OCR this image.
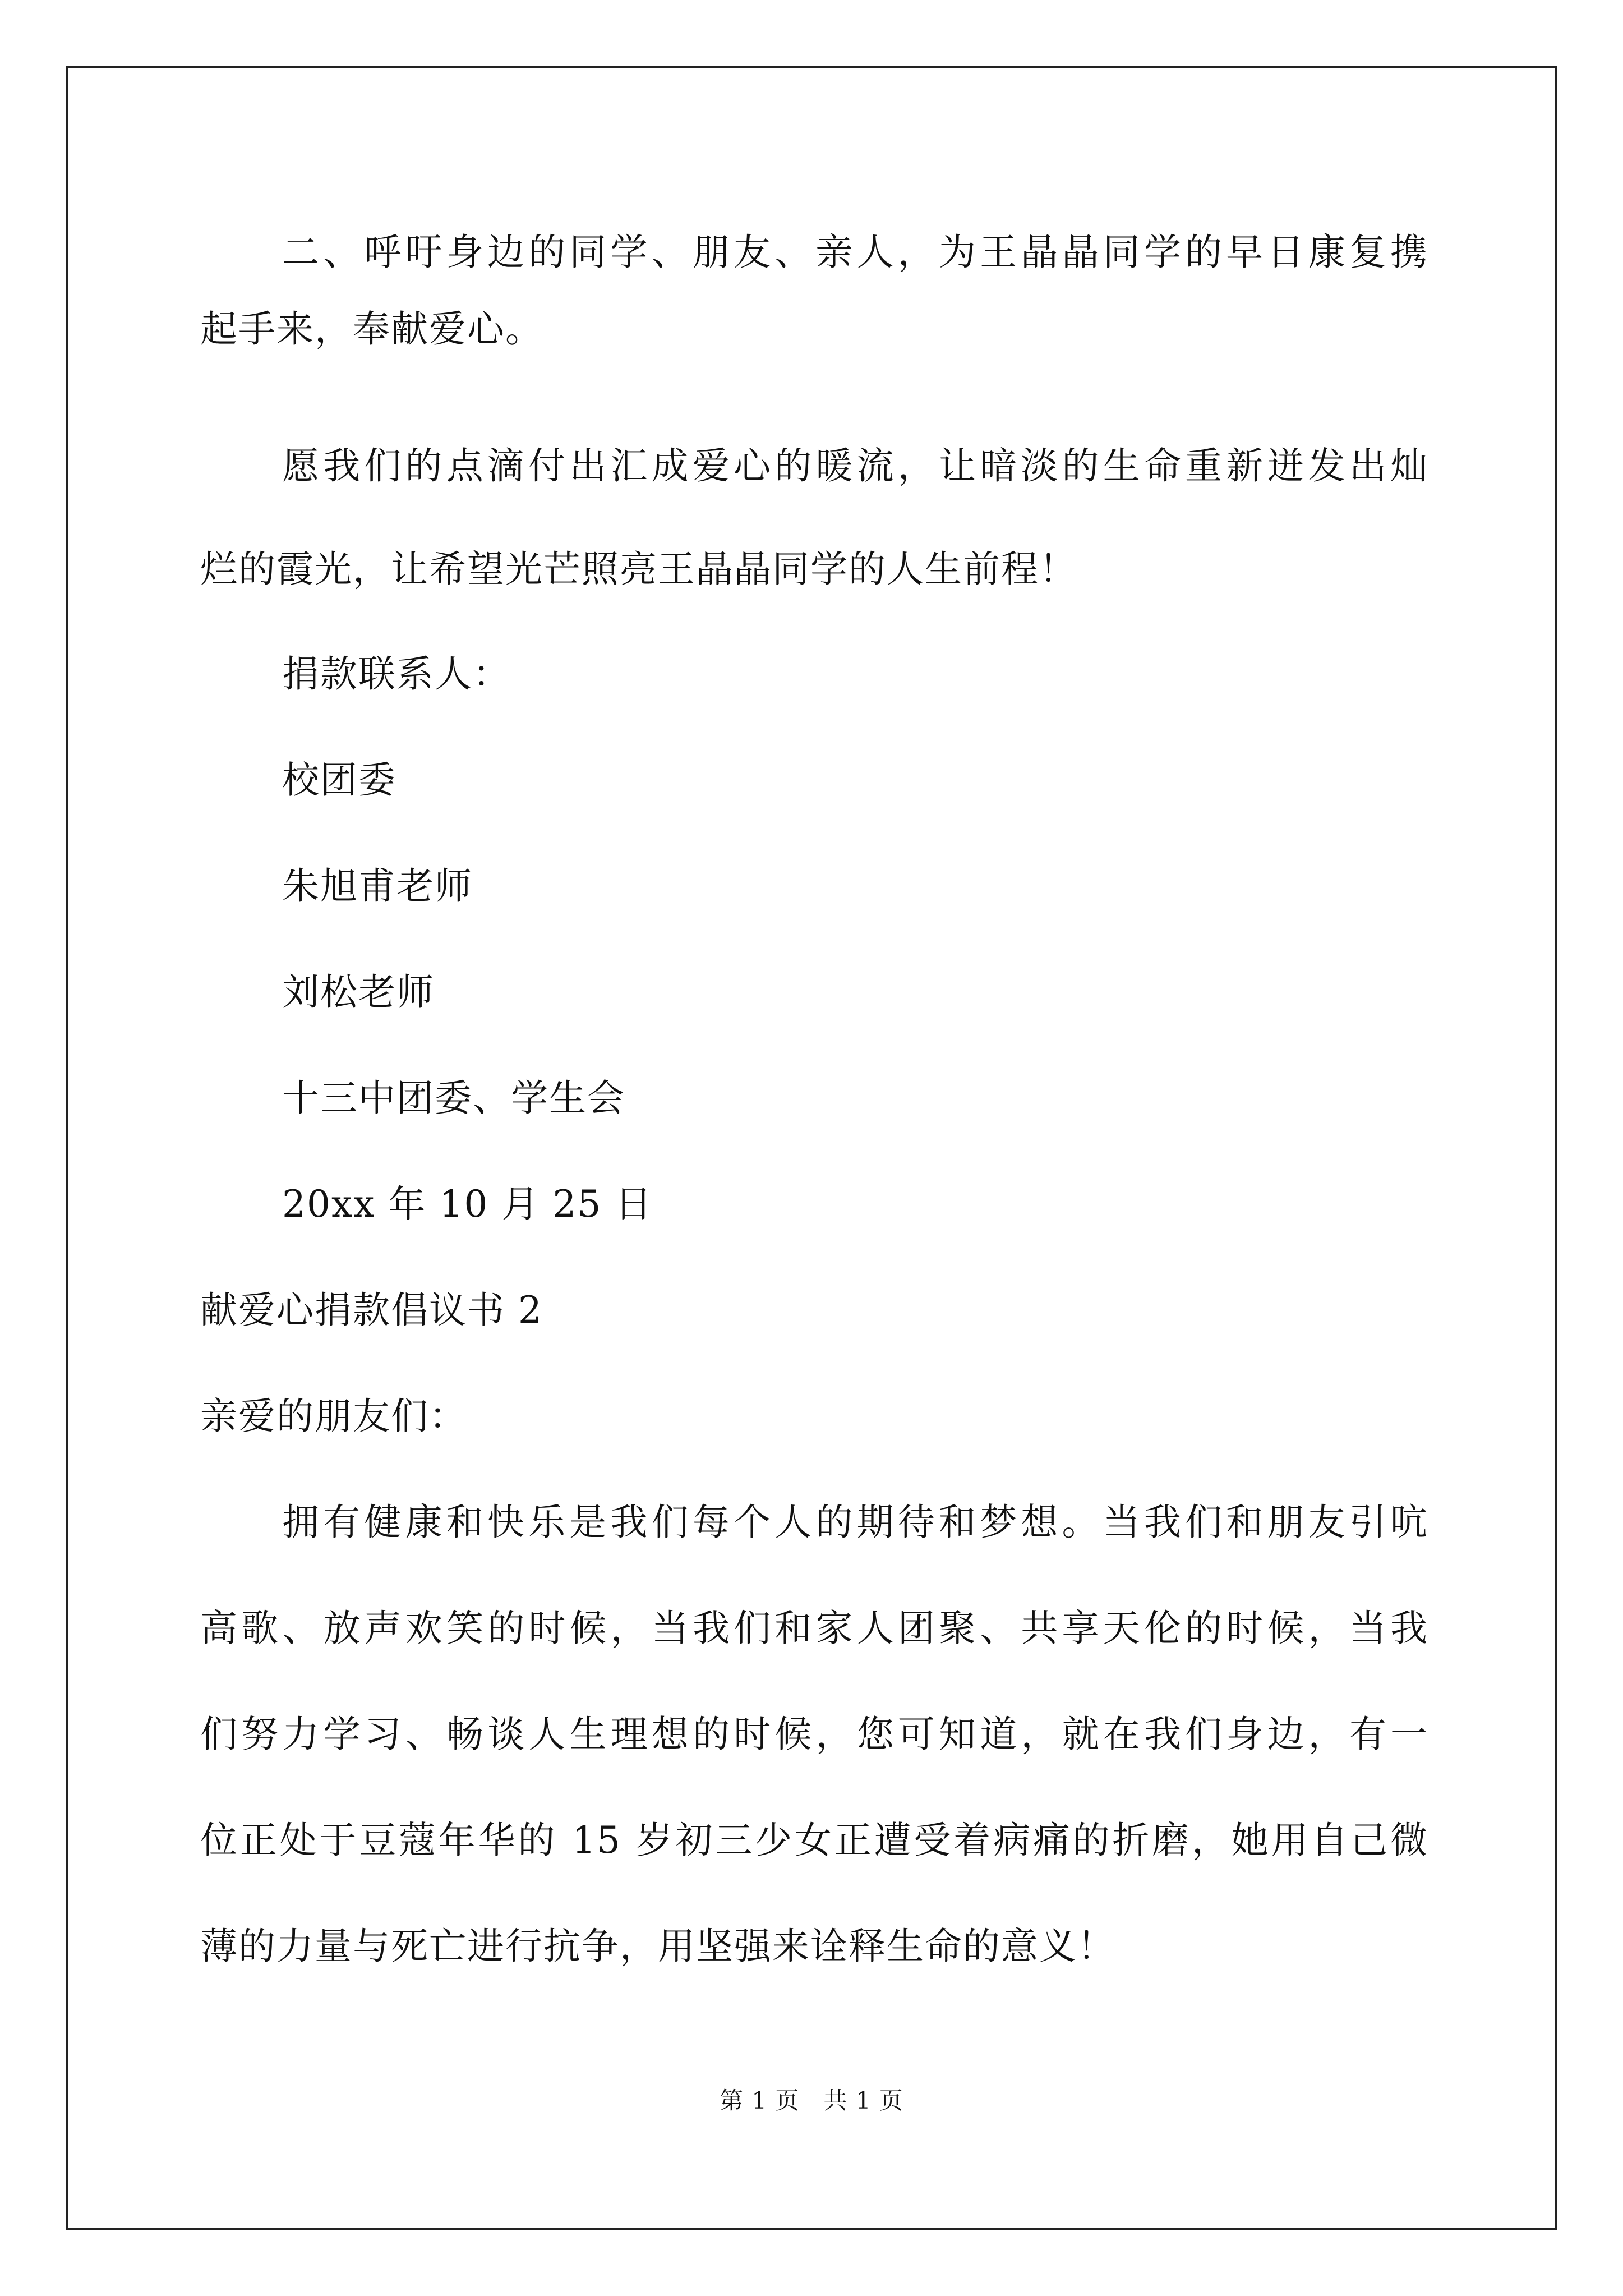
二、呼吁身边的同学、朋友、亲人，为王晶晶同学的早日康复携
起手来，奉献爱心。
愿我们的点滴付出汇成爱心的暖流，让暗淡的生命重新迸发出灿
烂的霞光，让希望光芒照亮王晶晶同学的人生前程！
捐款联系人：
校团委
朱旭甫老师
刘松老师
十三中团委、学生会
20xx 年 10 月 25 日
献爱心捐款倡议书 2
亲爱的朋友们：
拥有健康和快乐是我们每个人的期待和梦想。当我们和朋友引吭
高歌、放声欢笑的时候，当我们和家人团聚、共享天伦的时候，当我
们努力学习、畅谈人生理想的时候，您可知道，就在我们身边，有一
位正处于豆蔻年华的 15 岁初三少女正遭受着病痛的折磨，她用自己微
薄的力量与死亡进行抗争，用坚强来诠释生命的意义！
第 1 页　共 1 页
